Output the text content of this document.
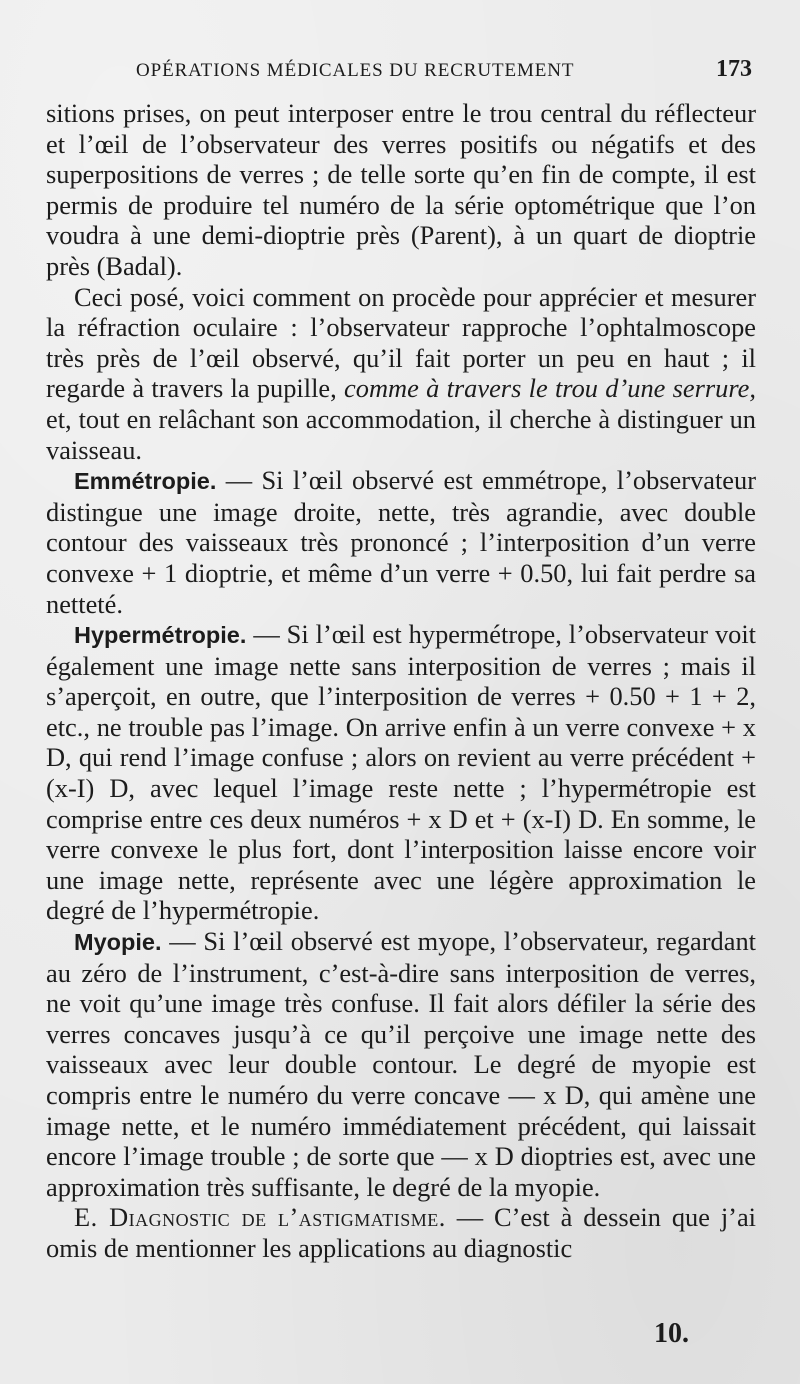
OPÉRATIONS MÉDICALES DU RECRUTEMENT	173

sitions prises, on peut interposer entre le trou central du réflecteur et l’œil de l’observateur des verres positifs ou négatifs et des superpositions de verres ; de telle sorte qu’en fin de compte, il est permis de produire tel numéro de la série optométrique que l’on voudra à une demi-dioptrie près (Parent), à un quart de dioptrie près (Badal).

Ceci posé, voici comment on procède pour apprécier et mesurer la réfraction oculaire : l’observateur rapproche l’ophtalmoscope très près de l’œil observé, qu’il fait porter un peu en haut ; il regarde à travers la pupille, comme à travers le trou d’une serrure, et, tout en relâchant son accommodation, il cherche à distinguer un vaisseau.

Emmétropie. — Si l’œil observé est emmétrope, l’observateur distingue une image droite, nette, très agrandie, avec double contour des vaisseaux très prononcé ; l’interposition d’un verre convexe + 1 dioptrie, et même d’un verre + 0.50, lui fait perdre sa netteté.

Hypermétropie. — Si l’œil est hypermétrope, l’observateur voit également une image nette sans interposition de verres ; mais il s’aperçoit, en outre, que l’interposition de verres + 0.50 + 1 + 2, etc., ne trouble pas l’image. On arrive enfin à un verre convexe + x D, qui rend l’image confuse ; alors on revient au verre précédent + (x-I) D, avec lequel l’image reste nette ; l’hypermétropie est comprise entre ces deux numéros + x D et + (x-I) D. En somme, le verre convexe le plus fort, dont l’interposition laisse encore voir une image nette, représente avec une légère approximation le degré de l’hypermétropie.

Myopie. — Si l’œil observé est myope, l’observateur, regardant au zéro de l’instrument, c’est-à-dire sans interposition de verres, ne voit qu’une image très confuse. Il fait alors défiler la série des verres concaves jusqu’à ce qu’il perçoive une image nette des vaisseaux avec leur double contour. Le degré de myopie est compris entre le numéro du verre concave — x D, qui amène une image nette, et le numéro immédiatement précédent, qui laissait encore l’image trouble ; de sorte que — x D dioptries est, avec une approximation très suffisante, le degré de la myopie.

E. Diagnostic de l’astigmatisme. — C’est à dessein que j’ai omis de mentionner les applications au diagnostic

10.
